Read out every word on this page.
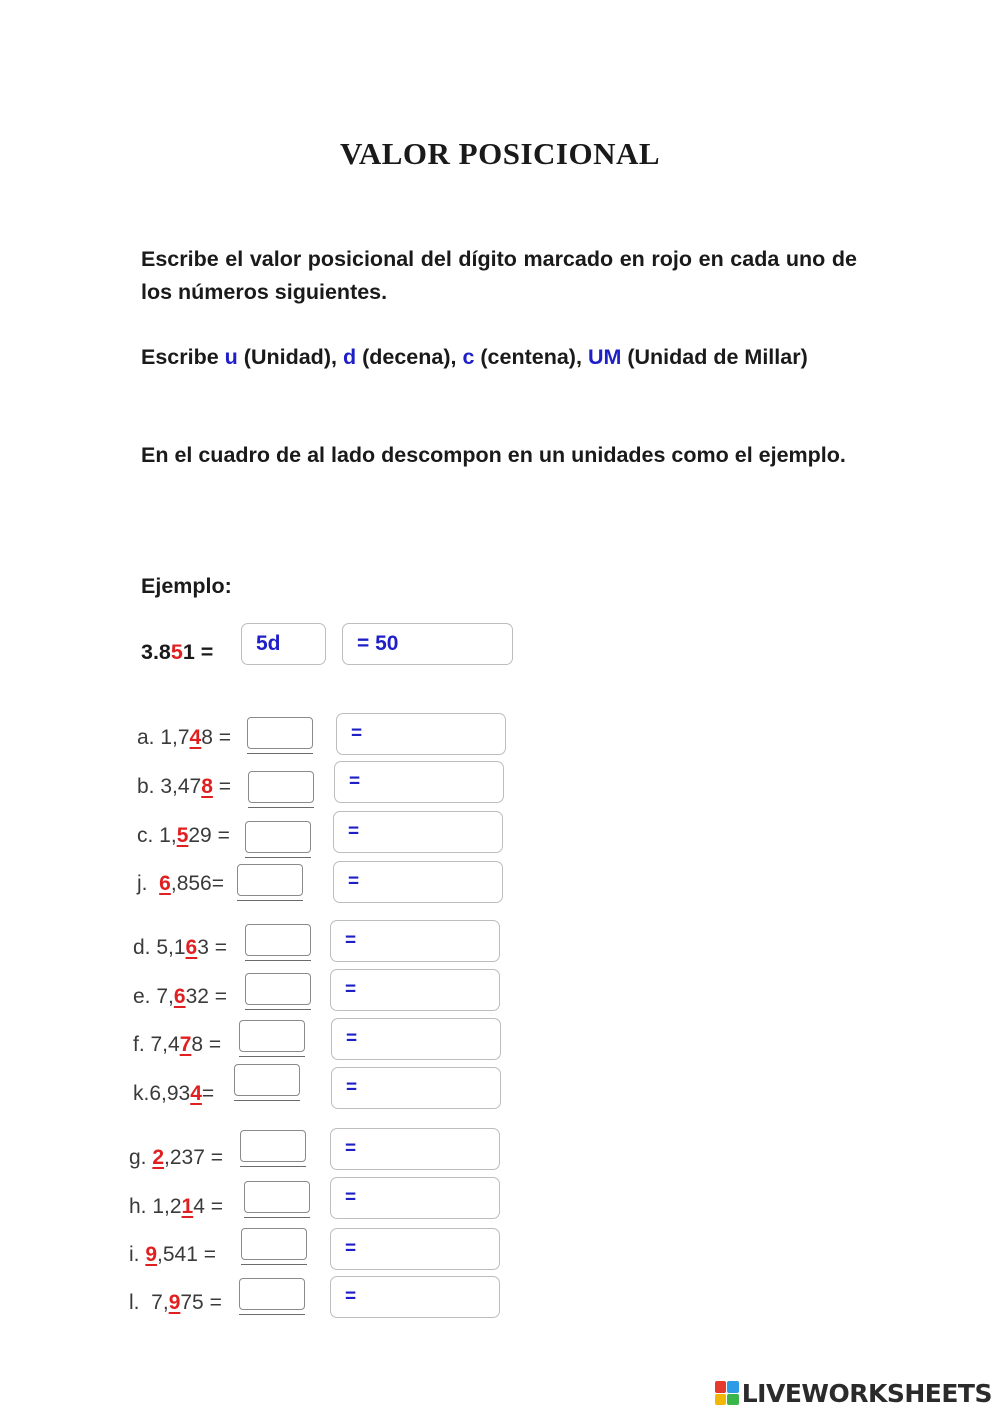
VALOR POSICIONAL
Escribe el valor posicional del dígito marcado en rojo en cada uno de los números siguientes.
Escribe u (Unidad), d (decena), c (centena), UM (Unidad de Millar)
En el cuadro de al lado descompon en un unidades como el ejemplo.
Ejemplo:
3.851 = 5d	= 50
a. 1,748 =	=
b. 3,478 =	=
c. 1,529 =	=
j.  6,856=	=
d. 5,163 =	=
e. 7,632 =	=
f. 7,478 =	=
k.6,934=	=
g. 2,237 =	=
h. 1,214 =	=
i. 9,541 =	=
l.  7,975 =	=
LIVEWORKSHEETS
